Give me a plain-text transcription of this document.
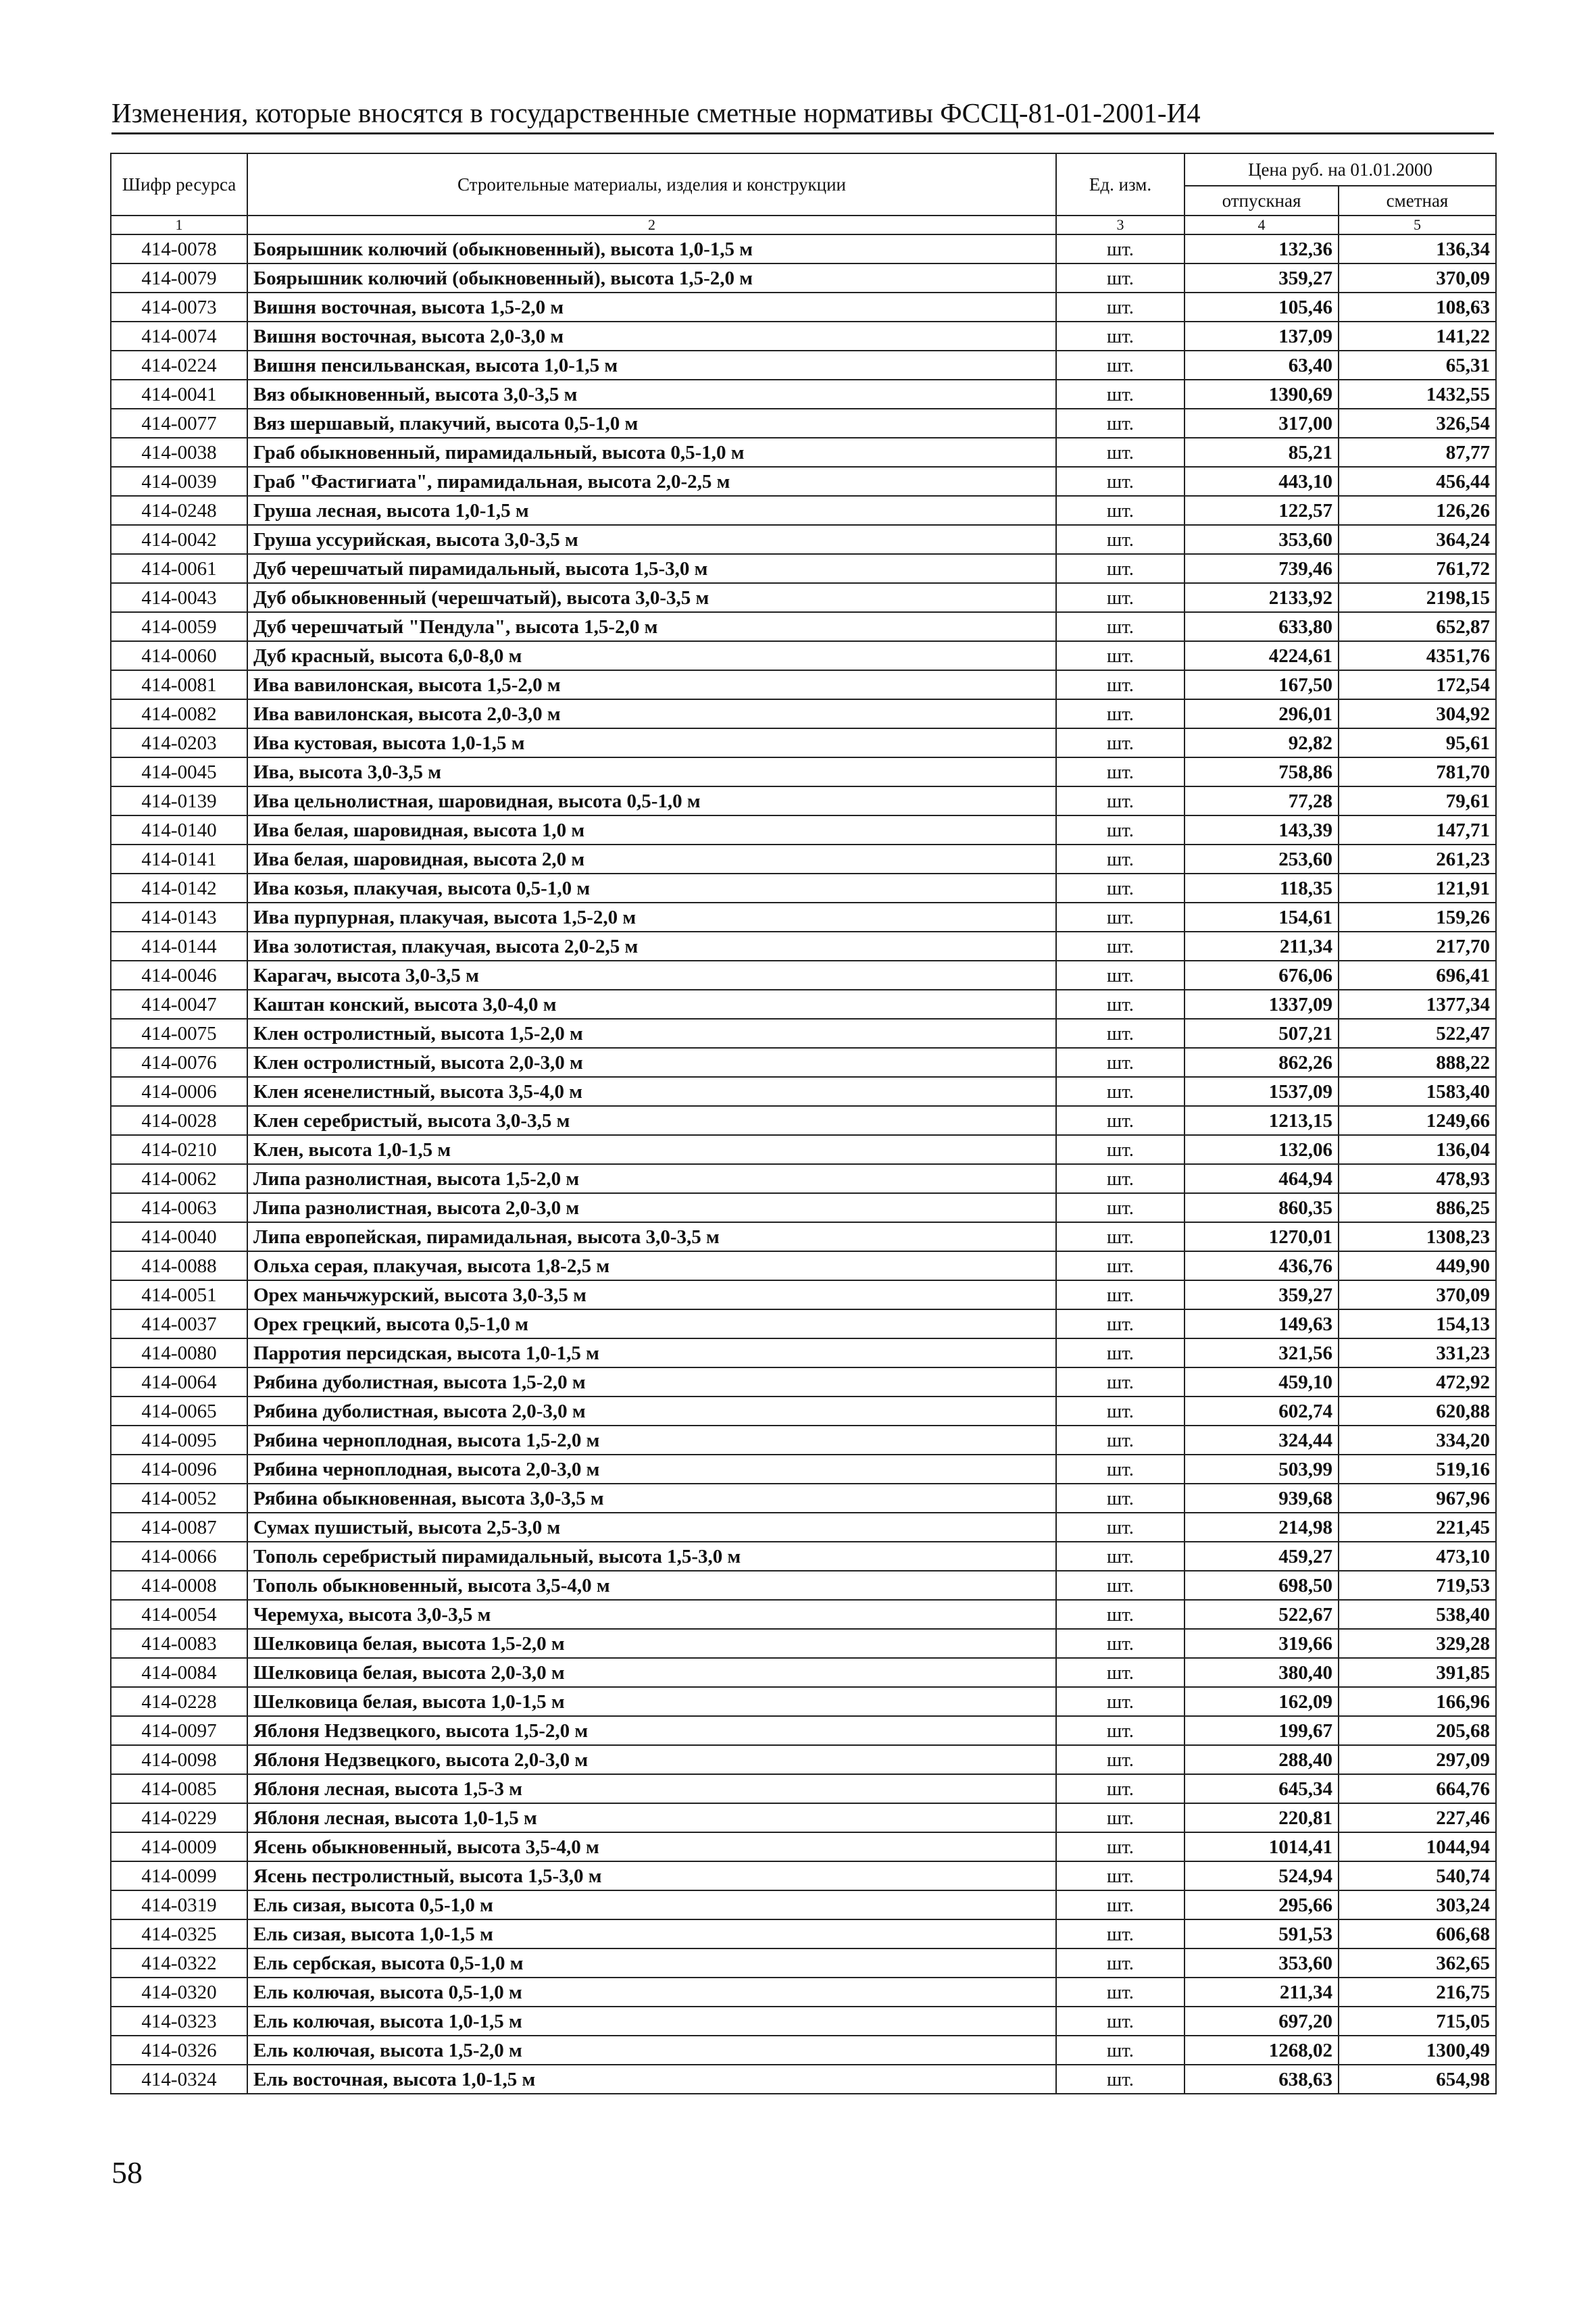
Изменения, которые вносятся в государственные сметные нормативы ФССЦ-81-01-2001-И4
Шифр ресурса	Строительные материалы, изделия и конструкции	Ед. изм.	Цена руб. на 01.01.2000	
			отпускная	сметная
1	2	3	4	5
414-0078	Боярышник колючий (обыкновенный), высота 1,0-1,5 м	шт.	132,36	136,34
414-0079	Боярышник колючий (обыкновенный), высота 1,5-2,0 м	шт.	359,27	370,09
414-0073	Вишня восточная, высота 1,5-2,0 м	шт.	105,46	108,63
414-0074	Вишня восточная, высота 2,0-3,0 м	шт.	137,09	141,22
414-0224	Вишня пенсильванская, высота 1,0-1,5 м	шт.	63,40	65,31
414-0041	Вяз обыкновенный, высота 3,0-3,5 м	шт.	1390,69	1432,55
414-0077	Вяз шершавый, плакучий, высота 0,5-1,0 м	шт.	317,00	326,54
414-0038	Граб обыкновенный, пирамидальный, высота 0,5-1,0 м	шт.	85,21	87,77
414-0039	Граб "Фастигиата", пирамидальная, высота 2,0-2,5 м	шт.	443,10	456,44
414-0248	Груша лесная, высота 1,0-1,5 м	шт.	122,57	126,26
414-0042	Груша уссурийская, высота 3,0-3,5 м	шт.	353,60	364,24
414-0061	Дуб черешчатый пирамидальный, высота 1,5-3,0 м	шт.	739,46	761,72
414-0043	Дуб обыкновенный (черешчатый), высота 3,0-3,5 м	шт.	2133,92	2198,15
414-0059	Дуб черешчатый "Пендула", высота 1,5-2,0 м	шт.	633,80	652,87
414-0060	Дуб красный, высота 6,0-8,0 м	шт.	4224,61	4351,76
414-0081	Ива вавилонская, высота 1,5-2,0 м	шт.	167,50	172,54
414-0082	Ива вавилонская, высота 2,0-3,0 м	шт.	296,01	304,92
414-0203	Ива кустовая, высота 1,0-1,5 м	шт.	92,82	95,61
414-0045	Ива, высота 3,0-3,5 м	шт.	758,86	781,70
414-0139	Ива цельнолистная, шаровидная, высота 0,5-1,0 м	шт.	77,28	79,61
414-0140	Ива белая, шаровидная, высота 1,0 м	шт.	143,39	147,71
414-0141	Ива белая, шаровидная, высота 2,0 м	шт.	253,60	261,23
414-0142	Ива козья, плакучая, высота 0,5-1,0 м	шт.	118,35	121,91
414-0143	Ива пурпурная, плакучая, высота 1,5-2,0 м	шт.	154,61	159,26
414-0144	Ива золотистая, плакучая, высота 2,0-2,5 м	шт.	211,34	217,70
414-0046	Карагач, высота 3,0-3,5 м	шт.	676,06	696,41
414-0047	Каштан конский, высота 3,0-4,0 м	шт.	1337,09	1377,34
414-0075	Клен остролистный, высота 1,5-2,0 м	шт.	507,21	522,47
414-0076	Клен остролистный, высота 2,0-3,0 м	шт.	862,26	888,22
414-0006	Клен ясенелистный, высота 3,5-4,0 м	шт.	1537,09	1583,40
414-0028	Клен серебристый, высота 3,0-3,5 м	шт.	1213,15	1249,66
414-0210	Клен, высота 1,0-1,5 м	шт.	132,06	136,04
414-0062	Липа разнолистная, высота 1,5-2,0 м	шт.	464,94	478,93
414-0063	Липа разнолистная, высота 2,0-3,0 м	шт.	860,35	886,25
414-0040	Липа европейская, пирамидальная, высота 3,0-3,5 м	шт.	1270,01	1308,23
414-0088	Ольха серая, плакучая, высота 1,8-2,5 м	шт.	436,76	449,90
414-0051	Орех маньчжурский, высота 3,0-3,5 м	шт.	359,27	370,09
414-0037	Орех грецкий, высота 0,5-1,0 м	шт.	149,63	154,13
414-0080	Парротия персидская, высота 1,0-1,5 м	шт.	321,56	331,23
414-0064	Рябина дуболистная, высота 1,5-2,0 м	шт.	459,10	472,92
414-0065	Рябина дуболистная, высота 2,0-3,0 м	шт.	602,74	620,88
414-0095	Рябина черноплодная, высота 1,5-2,0 м	шт.	324,44	334,20
414-0096	Рябина черноплодная, высота 2,0-3,0 м	шт.	503,99	519,16
414-0052	Рябина обыкновенная, высота 3,0-3,5 м	шт.	939,68	967,96
414-0087	Сумах пушистый, высота 2,5-3,0 м	шт.	214,98	221,45
414-0066	Тополь серебристый пирамидальный, высота 1,5-3,0 м	шт.	459,27	473,10
414-0008	Тополь обыкновенный, высота 3,5-4,0 м	шт.	698,50	719,53
414-0054	Черемуха, высота 3,0-3,5 м	шт.	522,67	538,40
414-0083	Шелковица белая, высота 1,5-2,0 м	шт.	319,66	329,28
414-0084	Шелковица белая, высота 2,0-3,0 м	шт.	380,40	391,85
414-0228	Шелковица белая, высота 1,0-1,5 м	шт.	162,09	166,96
414-0097	Яблоня Недзвецкого, высота 1,5-2,0 м	шт.	199,67	205,68
414-0098	Яблоня Недзвецкого, высота 2,0-3,0 м	шт.	288,40	297,09
414-0085	Яблоня лесная, высота 1,5-3 м	шт.	645,34	664,76
414-0229	Яблоня лесная, высота 1,0-1,5 м	шт.	220,81	227,46
414-0009	Ясень обыкновенный, высота 3,5-4,0 м	шт.	1014,41	1044,94
414-0099	Ясень пестролистный, высота 1,5-3,0 м	шт.	524,94	540,74
414-0319	Ель сизая, высота 0,5-1,0 м	шт.	295,66	303,24
414-0325	Ель сизая, высота 1,0-1,5 м	шт.	591,53	606,68
414-0322	Ель сербская, высота 0,5-1,0 м	шт.	353,60	362,65
414-0320	Ель колючая, высота 0,5-1,0 м	шт.	211,34	216,75
414-0323	Ель колючая, высота 1,0-1,5 м	шт.	697,20	715,05
414-0326	Ель колючая, высота 1,5-2,0 м	шт.	1268,02	1300,49
414-0324	Ель восточная, высота 1,0-1,5 м	шт.	638,63	654,98
58
